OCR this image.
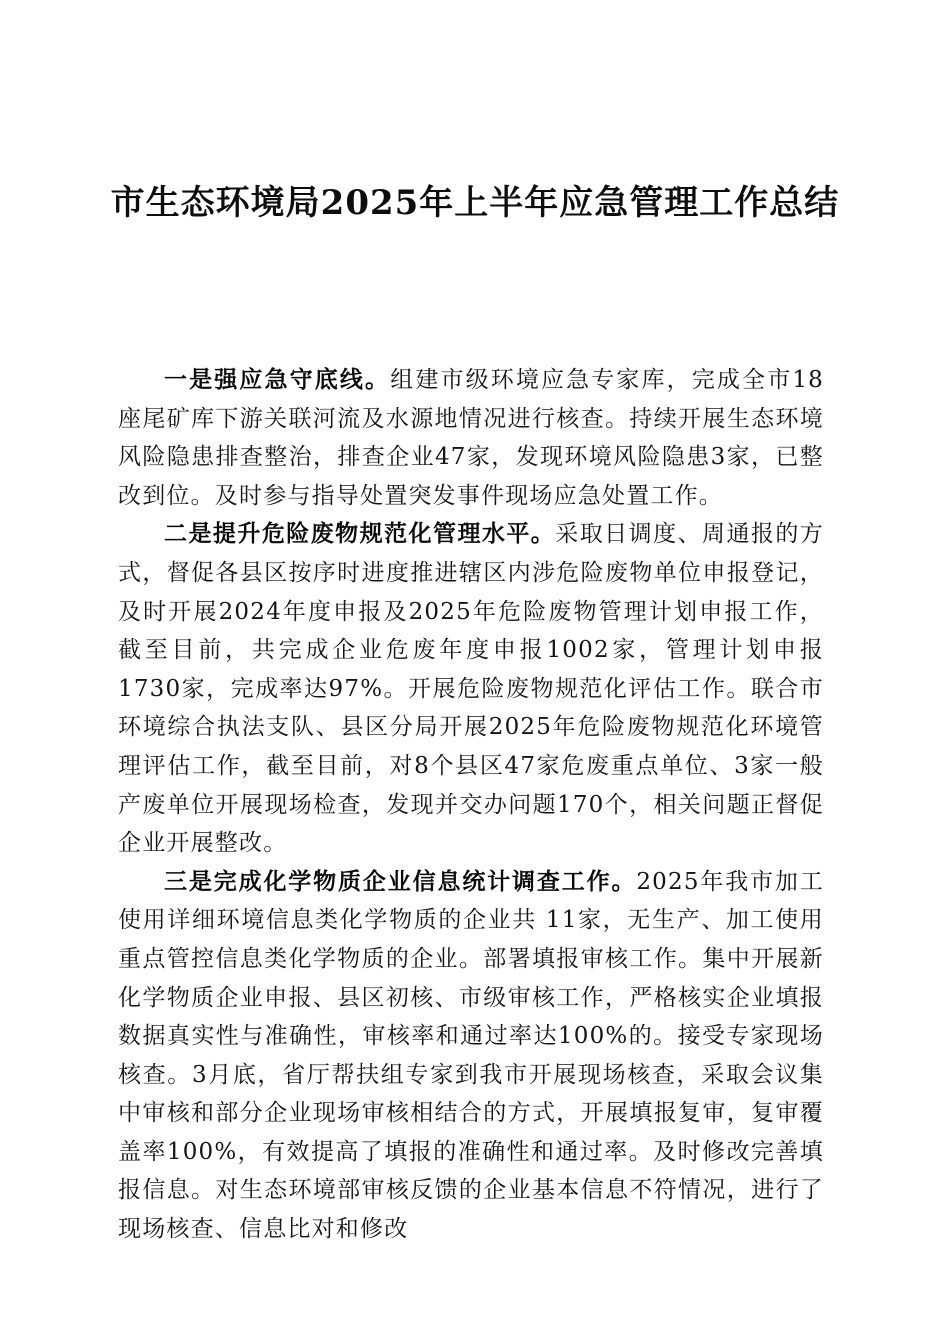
市生态环境局2025年上半年应急管理工作总结

一是强应急守底线。组建市级环境应急专家库，完成全市18座尾矿库下游关联河流及水源地情况进行核查。持续开展生态环境风险隐患排查整治，排查企业47家，发现环境风险隐患3家，已整改到位。及时参与指导处置突发事件现场应急处置工作。

二是提升危险废物规范化管理水平。采取日调度、周通报的方式，督促各县区按序时进度推进辖区内涉危险废物单位申报登记，及时开展2024年度申报及2025年危险废物管理计划申报工作，截至目前，共完成企业危废年度申报1002家，管理计划申报1730家，完成率达97%。开展危险废物规范化评估工作。联合市环境综合执法支队、县区分局开展2025年危险废物规范化环境管理评估工作，截至目前，对8个县区47家危废重点单位、3家一般产废单位开展现场检查，发现并交办问题170个，相关问题正督促企业开展整改。

三是完成化学物质企业信息统计调查工作。2025年我市加工使用详细环境信息类化学物质的企业共 11家，无生产、加工使用重点管控信息类化学物质的企业。部署填报审核工作。集中开展新化学物质企业申报、县区初核、市级审核工作，严格核实企业填报数据真实性与准确性，审核率和通过率达100%的。接受专家现场核查。3月底，省厅帮扶组专家到我市开展现场核查，采取会议集中审核和部分企业现场审核相结合的方式，开展填报复审，复审覆盖率100%，有效提高了填报的准确性和通过率。及时修改完善填报信息。对生态环境部审核反馈的企业基本信息不符情况，进行了现场核查、信息比对和修改
